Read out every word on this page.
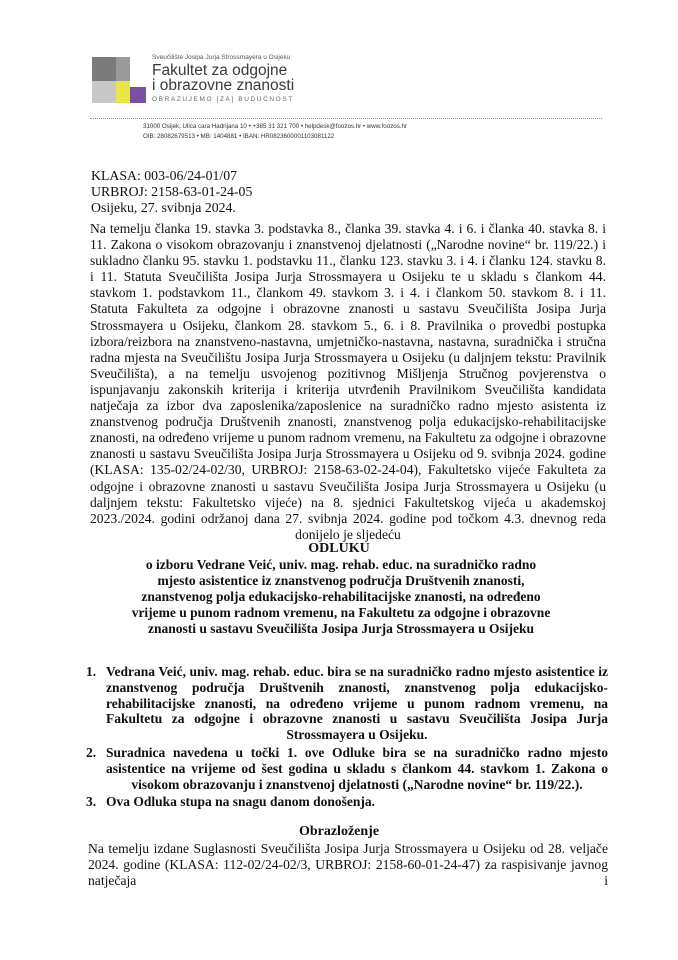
Sveučilište Josipa Jurja Strossmayera u Osijeku
Fakultet za odgojne
i obrazovne znanosti
OBRAZUJEMO [ZA] BUDUĆNOST
31000 Osijek, Ulica cara Hadrijana 10 • +385 31 321 700 • helpdesk@foozos.hr • www.foozos.hr
OIB: 28082679513 • MB: 1404881 • IBAN: HR0823600001103081122
KLASA: 003-06/24-01/07
URBROJ: 2158-63-01-24-05
Osijeku, 27. svibnja 2024.

Na temelju članka 19. stavka 3. podstavka 8., članka 39. stavka 4. i 6. i članka 40. stavka 8. i 11. Zakona o visokom obrazovanju i znanstvenoj djelatnosti („Narodne novine“ br. 119/22.) i sukladno članku 95. stavku 1. podstavku 11., članku 123. stavku 3. i 4. i članku 124. stavku 8. i 11. Statuta Sveučilišta Josipa Jurja Strossmayera u Osijeku te u skladu s člankom 44. stavkom 1. podstavkom 11., člankom 49. stavkom 3. i 4. i člankom 50. stavkom 8. i 11. Statuta Fakulteta za odgojne i obrazovne znanosti u sastavu Sveučilišta Josipa Jurja Strossmayera u Osijeku, člankom 28. stavkom 5., 6. i 8. Pravilnika o provedbi postupka izbora/reizbora na znanstveno-nastavna, umjetničko-nastavna, nastavna, suradnička i stručna radna mjesta na Sveučilištu Josipa Jurja Strossmayera u Osijeku (u daljnjem tekstu: Pravilnik Sveučilišta), a na temelju usvojenog pozitivnog Mišljenja Stručnog povjerenstva o ispunjavanju zakonskih kriterija i kriterija utvrđenih Pravilnikom Sveučilišta kandidata natječaja za izbor dva zaposlenika/zaposlenice na suradničko radno mjesto asistenta iz znanstvenog područja Društvenih znanosti, znanstvenog polja edukacijsko-rehabilitacijske znanosti, na određeno vrijeme u punom radnom vremenu, na Fakultetu za odgojne i obrazovne znanosti u sastavu Sveučilišta Josipa Jurja Strossmayera u Osijeku od 9. svibnja 2024. godine (KLASA: 135-02/24-02/30, URBROJ: 2158-63-02-24-04), Fakultetsko vijeće Fakulteta za odgojne i obrazovne znanosti u sastavu Sveučilišta Josipa Jurja Strossmayera u Osijeku (u daljnjem tekstu: Fakultetsko vijeće) na 8. sjednici Fakultetskog vijeća u akademskoj 2023./2024. godini održanoj dana 27. svibnja 2024. godine pod točkom 4.3. dnevnog reda donijelo je sljedeću

ODLUKU
o izboru Vedrane Veić, univ. mag. rehab. educ. na suradničko radno mjesto asistentice iz znanstvenog područja Društvenih znanosti, znanstvenog polja edukacijsko-rehabilitacijske znanosti, na određeno vrijeme u punom radnom vremenu, na Fakultetu za odgojne i obrazovne znanosti u sastavu Sveučilišta Josipa Jurja Strossmayera u Osijeku
1. Vedrana Veić, univ. mag. rehab. educ. bira se na suradničko radno mjesto asistentice iz znanstvenog područja Društvenih znanosti, znanstvenog polja edukacijsko-rehabilitacijske znanosti, na određeno vrijeme u punom radnom vremenu, na Fakultetu za odgojne i obrazovne znanosti u sastavu Sveučilišta Josipa Jurja Strossmayera u Osijeku.
2. Suradnica navedena u točki 1. ove Odluke bira se na suradničko radno mjesto asistentice na vrijeme od šest godina u skladu s člankom 44. stavkom 1. Zakona o visokom obrazovanju i znanstvenoj djelatnosti („Narodne novine“ br. 119/22.).
3. Ova Odluka stupa na snagu danom donošenja.
Obrazloženje

Na temelju izdane Suglasnosti Sveučilišta Josipa Jurja Strossmayera u Osijeku od 28. veljače 2024. godine (KLASA: 112-02/24-02/3, URBROJ: 2158-60-01-24-47) za raspisivanje javnog natječaja i
